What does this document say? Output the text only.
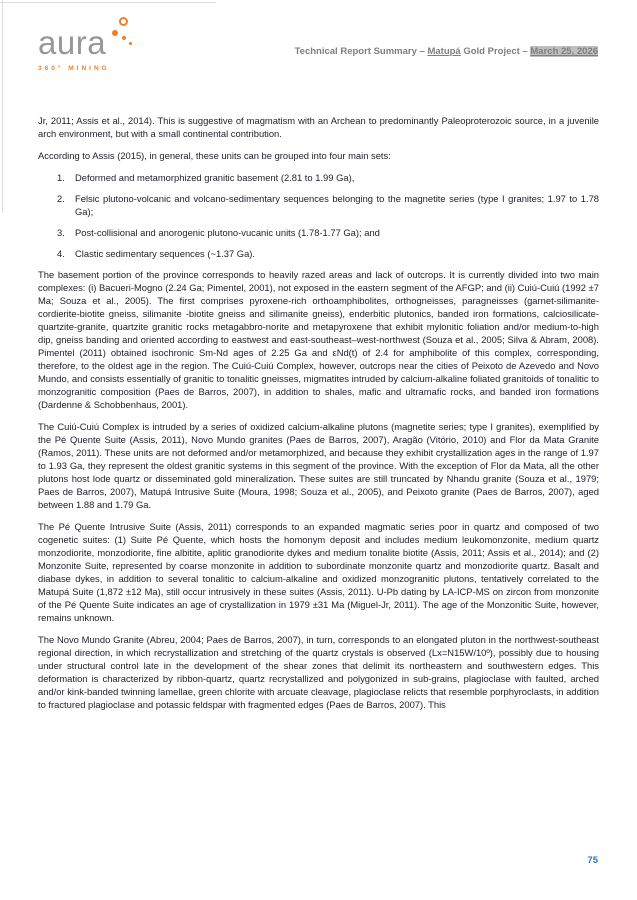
aura
360° MINING
Technical Report Summary – Matupá Gold Project – March 25, 2026

Jr, 2011; Assis et al., 2014). This is suggestive of magmatism with an Archean to predominantly Paleoproterozoic source, in a juvenile arch environment, but with a small continental contribution.

According to Assis (2015), in general, these units can be grouped into four main sets:

1.	Deformed and metamorphized granitic basement (2.81 to 1.99 Ga),
2.	Felsic plutono-volcanic and volcano-sedimentary sequences belonging to the magnetite series (type I granites; 1.97 to 1.78 Ga);
3.	Post-collisional and anorogenic plutono-vucanic units (1.78-1.77 Ga); and
4.	Clastic sedimentary sequences (~1.37 Ga).

The basement portion of the province corresponds to heavily razed areas and lack of outcrops. It is currently divided into two main complexes: (i) Bacueri-Mogno (2.24 Ga; Pimentel, 2001), not exposed in the eastern segment of the AFGP; and (ii) Cuiú-Cuiú (1992 ±7 Ma; Souza et al., 2005). The first comprises pyroxene-rich orthoamphibolites, orthogneisses, paragneisses (garnet-silimanite-cordierite-biotite gneiss, silimanite -biotite gneiss and silimanite gneiss), enderbitic plutonics, banded iron formations, calciosilicate-quartzite-granite, quartzite granitic rocks metagabbro-norite and metapyroxene that exhibit mylonitic foliation and/or medium-to-high dip, gneiss banding and oriented according to eastwest and east-southeast–west-northwest (Souza et al., 2005; Silva & Abram, 2008). Pimentel (2011) obtained isochronic Sm-Nd ages of 2.25 Ga and εNd(t) of 2.4 for amphibolite of this complex, corresponding, therefore, to the oldest age in the region. The Cuiú-Cuiú Complex, however, outcrops near the cities of Peixoto de Azevedo and Novo Mundo, and consists essentially of granitic to tonalitic gneisses, migmatites intruded by calcium-alkaline foliated granitoids of tonalitic to monzogranitic composition (Paes de Barros, 2007), in addition to shales, mafic and ultramafic rocks, and banded iron formations (Dardenne & Schobbenhaus, 2001).

The Cuiú-Cuiú Complex is intruded by a series of oxidized calcium-alkaline plutons (magnetite series; type I granites), exemplified by the Pé Quente Suite (Assis, 2011), Novo Mundo granites (Paes de Barros, 2007), Aragão (Vitório, 2010) and Flor da Mata Granite (Ramos, 2011). These units are not deformed and/or metamorphized, and because they exhibit crystallization ages in the range of 1.97 to 1.93 Ga, they represent the oldest granitic systems in this segment of the province. With the exception of Flor da Mata, all the other plutons host lode quartz or disseminated gold mineralization. These suites are still truncated by Nhandu granite (Souza et al., 1979; Paes de Barros, 2007), Matupá Intrusive Suite (Moura, 1998; Souza et al., 2005), and Peixoto granite (Paes de Barros, 2007), aged between 1.88 and 1.79 Ga.

The Pé Quente Intrusive Suite (Assis, 2011) corresponds to an expanded magmatic series poor in quartz and composed of two cogenetic suites: (1) Suite Pé Quente, which hosts the homonym deposit and includes medium leukomonzonite, medium quartz monzodiorite, monzodiorite, fine albitite, aplitic granodiorite dykes and medium tonalite biotite (Assis, 2011; Assis et al., 2014); and (2) Monzonite Suite, represented by coarse monzonite in addition to subordinate monzonite quartz and monzodiorite quartz. Basalt and diabase dykes, in addition to several tonalitic to calcium-alkaline and oxidized monzogranitic plutons, tentatively correlated to the Matupá Suite (1,872 ±12 Ma), still occur intrusively in these suites (Assis, 2011). U-Pb dating by LA-ICP-MS on zircon from monzonite of the Pé Quente Suite indicates an age of crystallization in 1979 ±31 Ma (Miguel-Jr, 2011). The age of the Monzonitic Suite, however, remains unknown.

The Novo Mundo Granite (Abreu, 2004; Paes de Barros, 2007), in turn, corresponds to an elongated pluton in the northwest-southeast regional direction, in which recrystallization and stretching of the quartz crystals is observed (Lx=N15W/10º), possibly due to housing under structural control late in the development of the shear zones that delimit its northeastern and southwestern edges. This deformation is characterized by ribbon-quartz, quartz recrystallized and polygonized in sub-grains, plagioclase with faulted, arched and/or kink-banded twinning lamellae, green chlorite with arcuate cleavage, plagioclase relicts that resemble porphyroclasts, in addition to fractured plagioclase and potassic feldspar with fragmented edges (Paes de Barros, 2007). This

75
